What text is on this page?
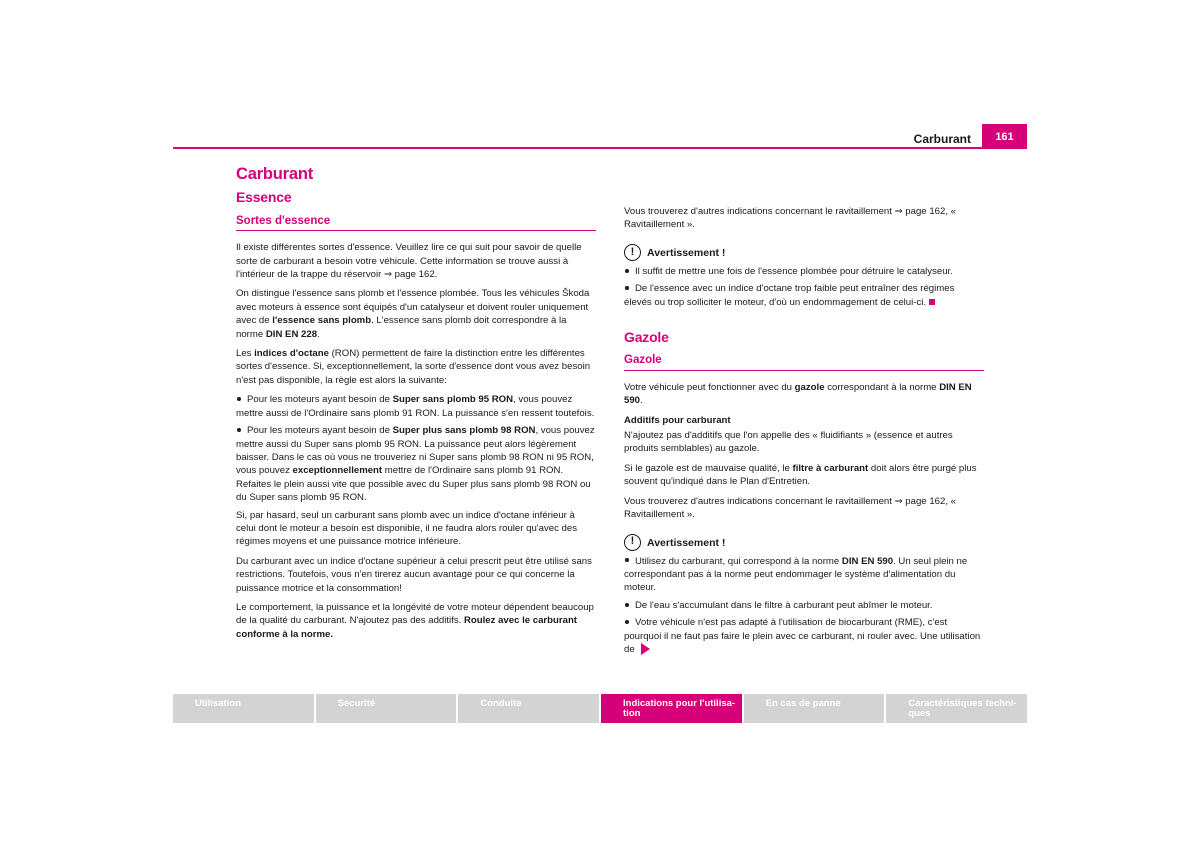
Carburant	161
Carburant
Essence
Sortes d'essence

Il existe différentes sortes d'essence. Veuillez lire ce qui suit pour savoir de quelle sorte de carburant a besoin votre véhicule. Cette information se trouve aussi à l'intérieur de la trappe du réservoir ⇒ page 162.

On distingue l'essence sans plomb et l'essence plombée. Tous les véhicules Škoda avec moteurs à essence sont équipés d'un catalyseur et doivent rouler uniquement avec de l'essence sans plomb. L'essence sans plomb doit correspondre à la norme DIN EN 228.

Les indices d'octane (RON) permettent de faire la distinction entre les différentes sortes d'essence. Si, exceptionnellement, la sorte d'essence dont vous avez besoin n'est pas disponible, la règle est alors la suivante:

Pour les moteurs ayant besoin de Super sans plomb 95 RON, vous pouvez mettre aussi de l'Ordinaire sans plomb 91 RON. La puissance s'en ressent toutefois.

Pour les moteurs ayant besoin de Super plus sans plomb 98 RON, vous pouvez mettre aussi du Super sans plomb 95 RON. La puissance peut alors légèrement baisser. Dans le cas où vous ne trouveriez ni Super sans plomb 98 RON ni 95 RON, vous pouvez exceptionnellement mettre de l'Ordinaire sans plomb 91 RON. Refaites le plein aussi vite que possible avec du Super plus sans plomb 98 RON ou du Super sans plomb 95 RON.

Si, par hasard, seul un carburant sans plomb avec un indice d'octane inférieur à celui dont le moteur a besoin est disponible, il ne faudra alors rouler qu'avec des régimes moyens et une puissance motrice inférieure.

Du carburant avec un indice d'octane supérieur à celui prescrit peut être utilisé sans restrictions. Toutefois, vous n'en tirerez aucun avantage pour ce qui concerne la puissance motrice et la consommation!

Le comportement, la puissance et la longévité de votre moteur dépendent beaucoup de la qualité du carburant. N'ajoutez pas des additifs. Roulez avec le carburant conforme à la norme.

Vous trouverez d'autres indications concernant le ravitaillement ⇒ page 162, « Ravitaillement ».

!	Avertissement !

Il suffit de mettre une fois de l'essence plombée pour détruire le catalyseur.

De l'essence avec un indice d'octane trop faible peut entraîner des régimes élevés ou trop solliciter le moteur, d'où un endommagement de celui-ci.

Gazole
Gazole

Votre véhicule peut fonctionner avec du gazole correspondant à la norme DIN EN 590.

Additifs pour carburant

N'ajoutez pas d'additifs que l'on appelle des « fluidifiants » (essence et autres produits semblables) au gazole.

Si le gazole est de mauvaise qualité, le filtre à carburant doit alors être purgé plus souvent qu'indiqué dans le Plan d'Entretien.

Vous trouverez d'autres indications concernant le ravitaillement ⇒ page 162, « Ravitaillement ».

!	Avertissement !

Utilisez du carburant, qui correspond à la norme DIN EN 590. Un seul plein ne correspondant pas à la norme peut endommager le système d'alimentation du moteur.

De l'eau s'accumulant dans le filtre à carburant peut abîmer le moteur.

Votre véhicule n'est pas adapté à l'utilisation de biocarburant (RME), c'est pourquoi il ne faut pas faire le plein avec ce carburant, ni rouler avec. Une utilisation de

Utilisation	Sécurité	Conduite	Indications pour l'utilisa- tion
En cas de panne	Caractéristiques techni- ques
